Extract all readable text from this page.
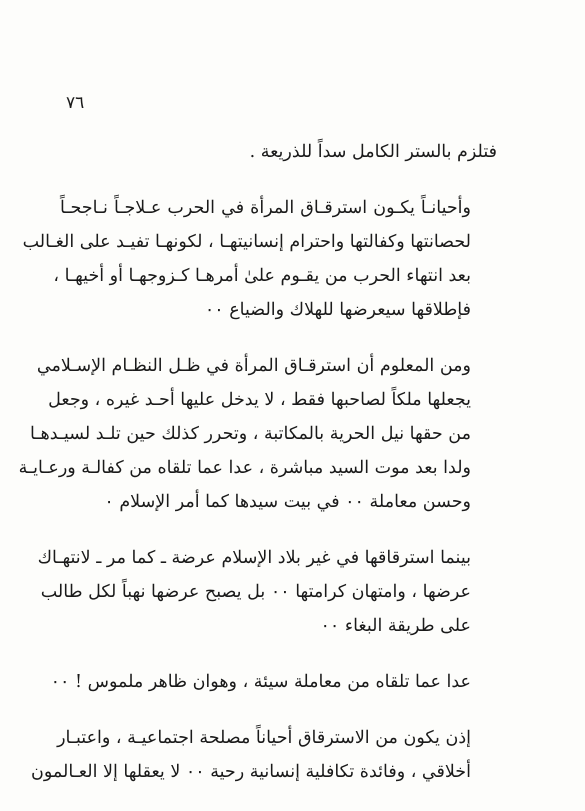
٧٦

فتلزم بالستر الكامل سداً للذريعة .

وأحيانـاً يكـون استرقـاق المرأة في الحرب عـلاجـاً نـاجحـاً
لحصانتها وكفالتها واحترام إنسانيتهـا ، لكونهـا تفيـد على الغـالب
بعد انتهاء الحرب من يقـوم علىٰ أمرهـا كـزوجهـا أو أخيهـا ،
فإطلاقها سيعرضها للهلاك والضياع ٠٠

ومن المعلوم أن استرقـاق المرأة في ظـل النظـام الإسـلامي
يجعلها ملكاً لصاحبها فقط ، لا يدخل عليها أحـد غيره ، وجعل
من حقها نيل الحرية بالمكاتبة ، وتحرر كذلك حين تلـد لسيـدهـا
ولدا بعد موت السيد مباشرة ، عدا عما تلقاه من كفالـة ورعـايـة
وحسن معاملة ٠٠ في بيت سيدها كما أمر الإسلام ٠

بينما استرقاقها في غير بلاد الإسلام عرضة ـ كما مر ـ لانتهـاك
عرضها ، وامتهان كرامتها ٠٠ بل يصبح عرضها نهباً لكل طالب
على طريقة البغاء ٠٠

عدا عما تلقاه من معاملة سيئة ، وهوان ظاهر ملموس ! ٠٠

إذن يكون من الاسترقاق أحياناً مصلحة اجتماعيـة ، واعتبـار
أخلاقي ، وفائدة تكافلية إنسانية رحية ٠٠ لا يعقلها إلا العـالمون
